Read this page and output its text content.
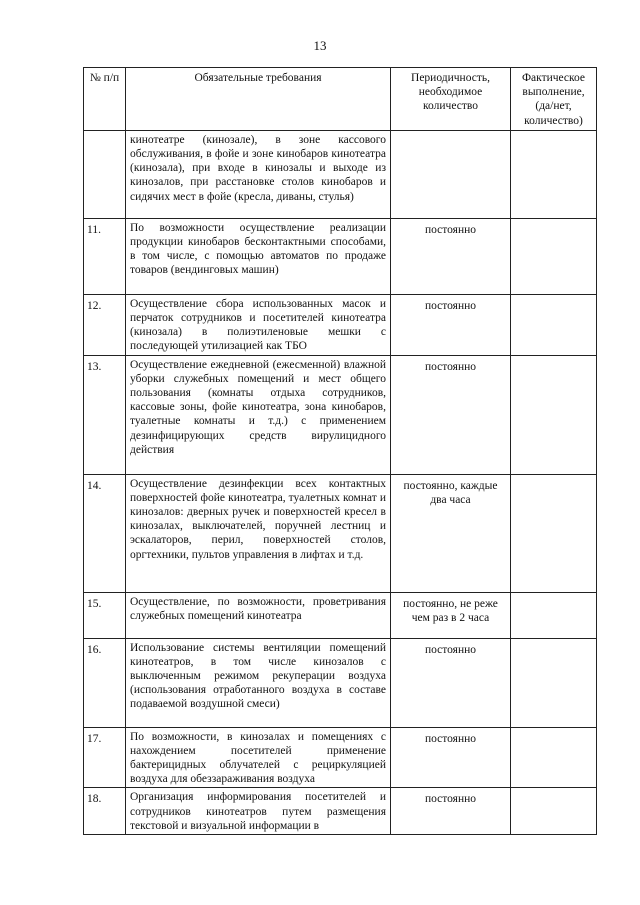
13
№ п/п	Обязательные требования	Периодичность, необходимое количество	Фактическое выполнение, (да/нет, количество)
	кинотеатре (кинозале), в зоне кассового обслуживания, в фойе и зоне кинобаров кинотеатра (кинозала), при входе в кинозалы и выходе из кинозалов, при расстановке столов кинобаров и сидячих мест в фойе (кресла, диваны, стулья)		
11.	По возможности осуществление реализации продукции кинобаров бесконтактными способами, в том числе, с помощью автоматов по продаже товаров (вендинговых машин)	постоянно	
12.	Осуществление сбора использованных масок и перчаток сотрудников и посетителей кинотеатра (кинозала) в полиэтиленовые мешки с последующей утилизацией как ТБО	постоянно	
13.	Осуществление ежедневной (ежесменной) влажной уборки служебных помещений и мест общего пользования (комнаты отдыха сотрудников, кассовые зоны, фойе кинотеатра, зона кинобаров, туалетные комнаты и т.д.) с применением дезинфицирующих средств вирулицидного действия	постоянно	
14.	Осуществление дезинфекции всех контактных поверхностей фойе кинотеатра, туалетных комнат и кинозалов: дверных ручек и поверхностей кресел в кинозалах, выключателей, поручней лестниц и эскалаторов, перил, поверхностей столов, оргтехники, пультов управления в лифтах и т.д.	постоянно, каждые два часа	
15.	Осуществление, по возможности, проветривания служебных помещений кинотеатра	постоянно, не реже чем раз в 2 часа	
16.	Использование системы вентиляции помещений кинотеатров, в том числе кинозалов с выключенным режимом рекуперации воздуха (использования отработанного воздуха в составе подаваемой воздушной смеси)	постоянно	
17.	По возможности, в кинозалах и помещениях с нахождением посетителей применение бактерицидных облучателей с рециркуляцией воздуха для обеззараживания воздуха	постоянно	
18.	Организация информирования посетителей и сотрудников кинотеатров путем размещения текстовой и визуальной информации в	постоянно	
